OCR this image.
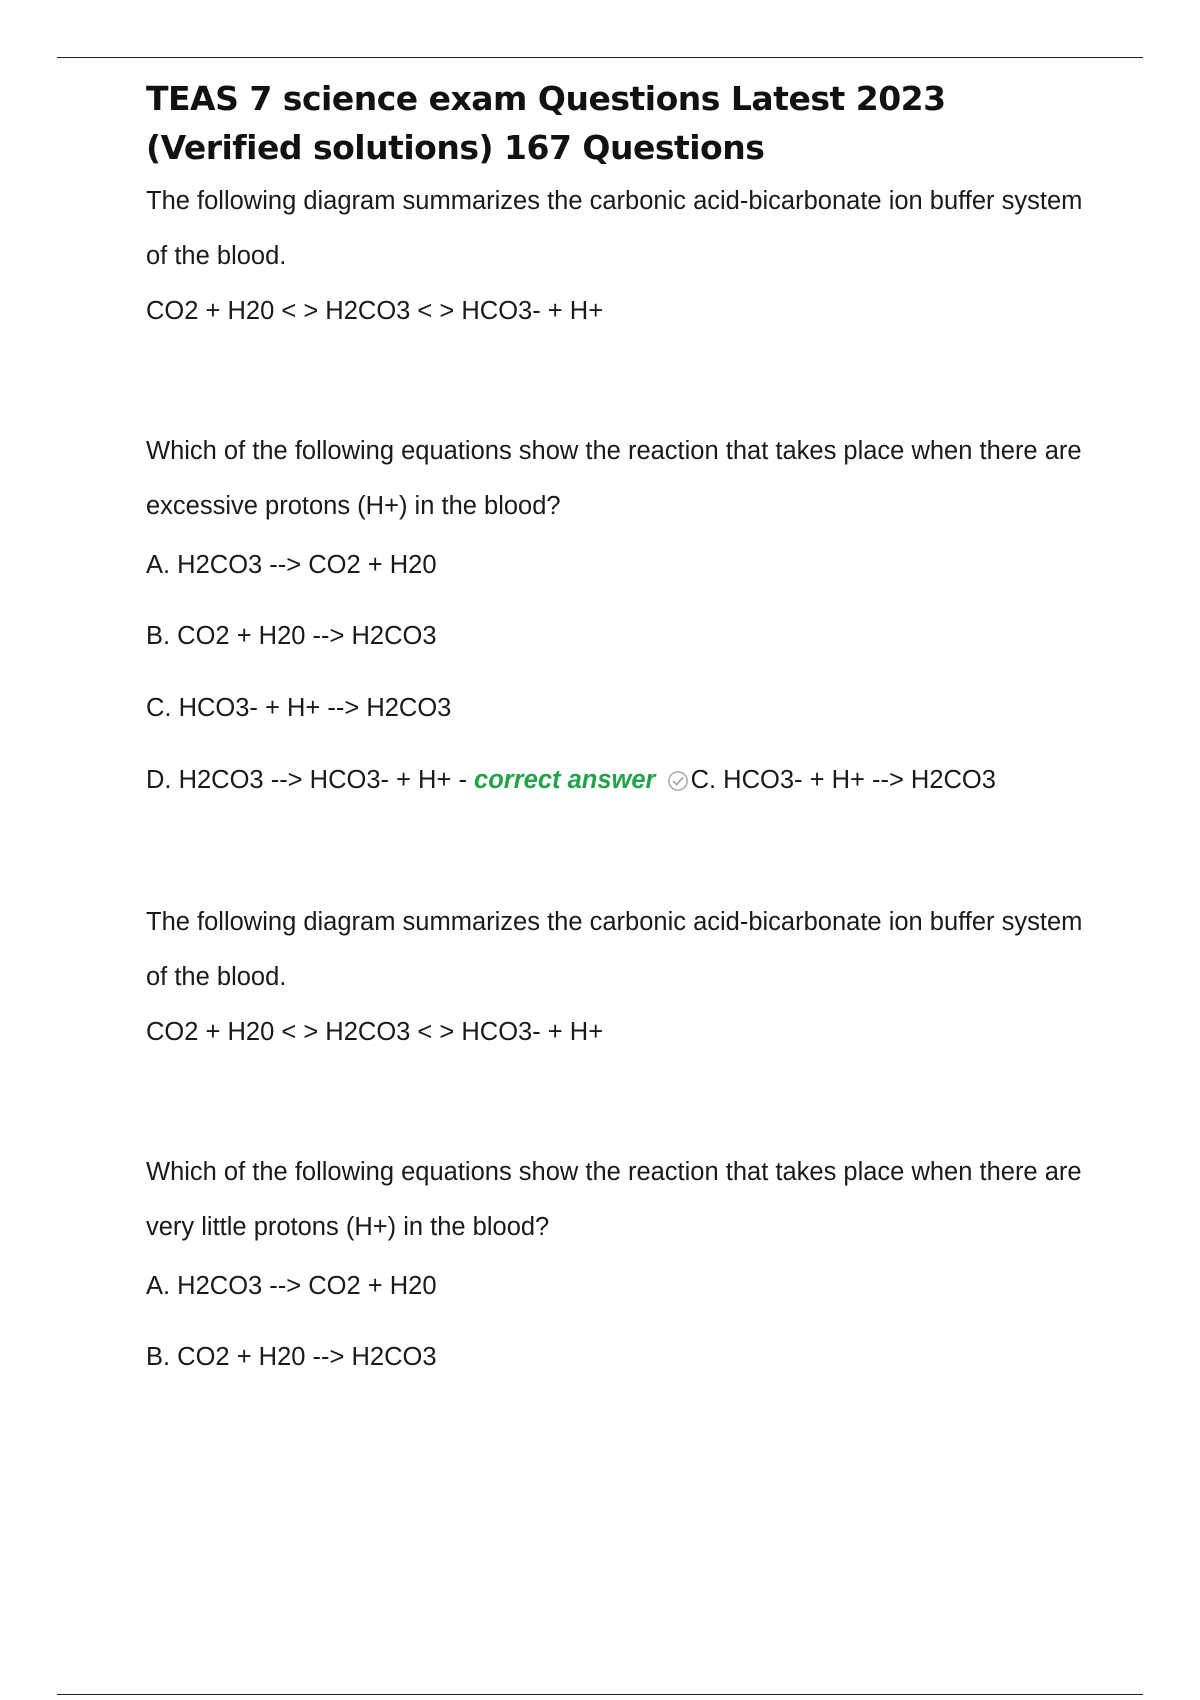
TEAS 7 science exam Questions Latest 2023 (Verified solutions) 167 Questions

The following diagram summarizes the carbonic acid-bicarbonate ion buffer system of the blood.

CO2 + H20 < > H2CO3 < > HCO3- + H+

Which of the following equations show the reaction that takes place when there are excessive protons (H+) in the blood?

A. H2CO3 --> CO2 + H20

B. CO2 + H20 --> H2CO3

C. HCO3- + H+ --> H2CO3

D. H2CO3 --> HCO3- + H+ - correct answer C. HCO3- + H+ --> H2CO3

The following diagram summarizes the carbonic acid-bicarbonate ion buffer system of the blood.

CO2 + H20 < > H2CO3 < > HCO3- + H+

Which of the following equations show the reaction that takes place when there are very little protons (H+) in the blood?

A. H2CO3 --> CO2 + H20

B. CO2 + H20 --> H2CO3
